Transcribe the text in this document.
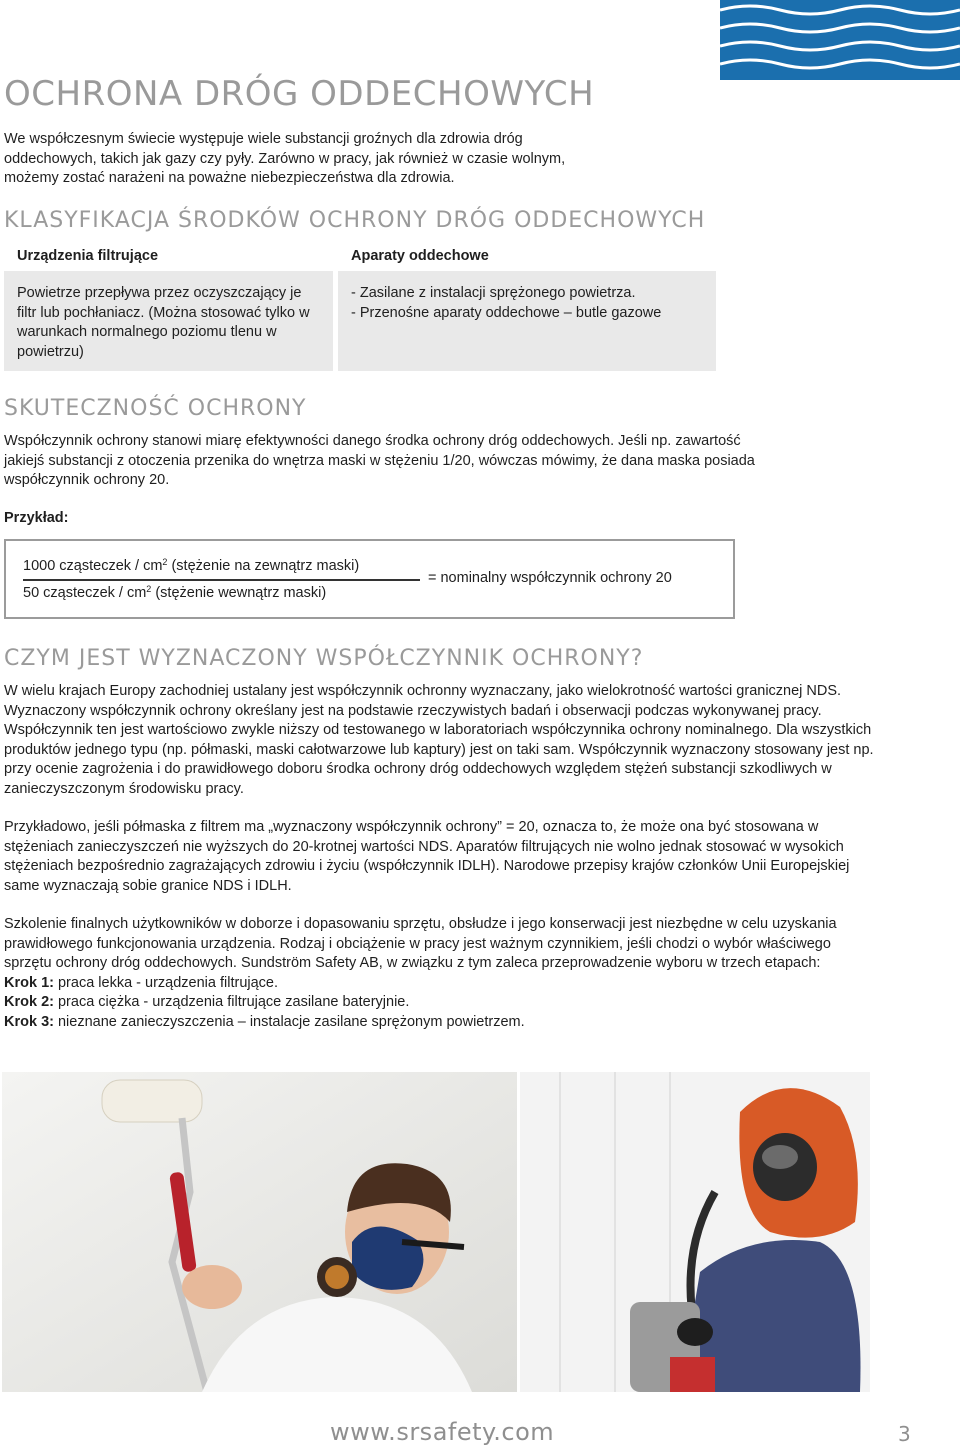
OCHRONA DRÓG ODDECHOWYCH

We współczesnym świecie występuje wiele substancji groźnych dla zdrowia dróg oddechowych, takich jak gazy czy pyły. Zarówno w pracy, jak również w czasie wolnym, możemy zostać narażeni na poważne niebezpieczeństwa dla zdrowia.

KLASYFIKACJA ŚRODKÓW OCHRONY DRÓG ODDECHOWYCH

Urządzenia filtrujące	Aparaty oddechowe

Powietrze przepływa przez oczyszczający je filtr lub pochłaniacz. (Można stosować tylko w warunkach normalnego poziomu tlenu w powietrzu)
- Zasilane z instalacji sprężonego powietrza.
- Przenośne aparaty oddechowe – butle gazowe
SKUTECZNOŚĆ OCHRONY

Współczynnik ochrony stanowi miarę efektywności danego środka ochrony dróg oddechowych. Jeśli np. zawartość jakiejś substancji z otoczenia przenika do wnętrza maski w stężeniu 1/20, wówczas mówimy, że dana maska posiada współczynnik ochrony 20.

Przykład:

1000 cząsteczek / $cm^2$ (stężenie na zewnątrz maski)
50 cząsteczek / $cm^2$ (stężenie wewnątrz maski)
= nominalny współczynnik ochrony 20
CZYM JEST WYZNACZONY WSPÓŁCZYNNIK OCHRONY?

W wielu krajach Europy zachodniej ustalany jest współczynnik ochronny wyznaczany, jako wielokrotność wartości granicznej NDS. Wyznaczony współczynnik ochrony określany jest na podstawie rzeczywistych badań i obserwacji podczas wykonywanej pracy. Współczynnik ten jest wartościowo zwykle niższy od testowanego w laboratoriach współczynnika ochrony nominalnego. Dla wszystkich produktów jednego typu (np. półmaski, maski całotwarzowe lub kaptury) jest on taki sam. Współczynnik wyznaczony stosowany jest np. przy ocenie zagrożenia i do prawidłowego doboru środka ochrony dróg oddechowych względem stężeń substancji szkodliwych w zanieczyszczonym środowisku pracy.

Przykładowo, jeśli półmaska z filtrem ma „wyznaczony współczynnik ochrony” = 20, oznacza to, że może ona być stosowana w stężeniach zanieczyszczeń nie wyższych do 20-krotnej wartości NDS. Aparatów filtrujących nie wolno jednak stosować w wysokich stężeniach bezpośrednio zagrażających zdrowiu i życiu (współczynnik IDLH). Narodowe przepisy krajów członków Unii Europejskiej same wyznaczają sobie granice NDS i IDLH.

Szkolenie finalnych użytkowników w doborze i dopasowaniu sprzętu, obsłudze i jego konserwacji jest niezbędne w celu uzyskania prawidłowego funkcjonowania urządzenia. Rodzaj i obciążenie w pracy jest ważnym czynnikiem, jeśli chodzi o wybór właściwego sprzętu ochrony dróg oddechowych. Sundström Safety AB, w związku z tym zaleca przeprowadzenie wyboru w trzech etapach:

Krok 1: praca lekka - urządzenia filtrujące.

Krok 2: praca ciężka - urządzenia filtrujące zasilane bateryjnie.

Krok 3: nieznane zanieczyszczenia – instalacje zasilane sprężonym powietrzem.

www.srsafety.com	3
